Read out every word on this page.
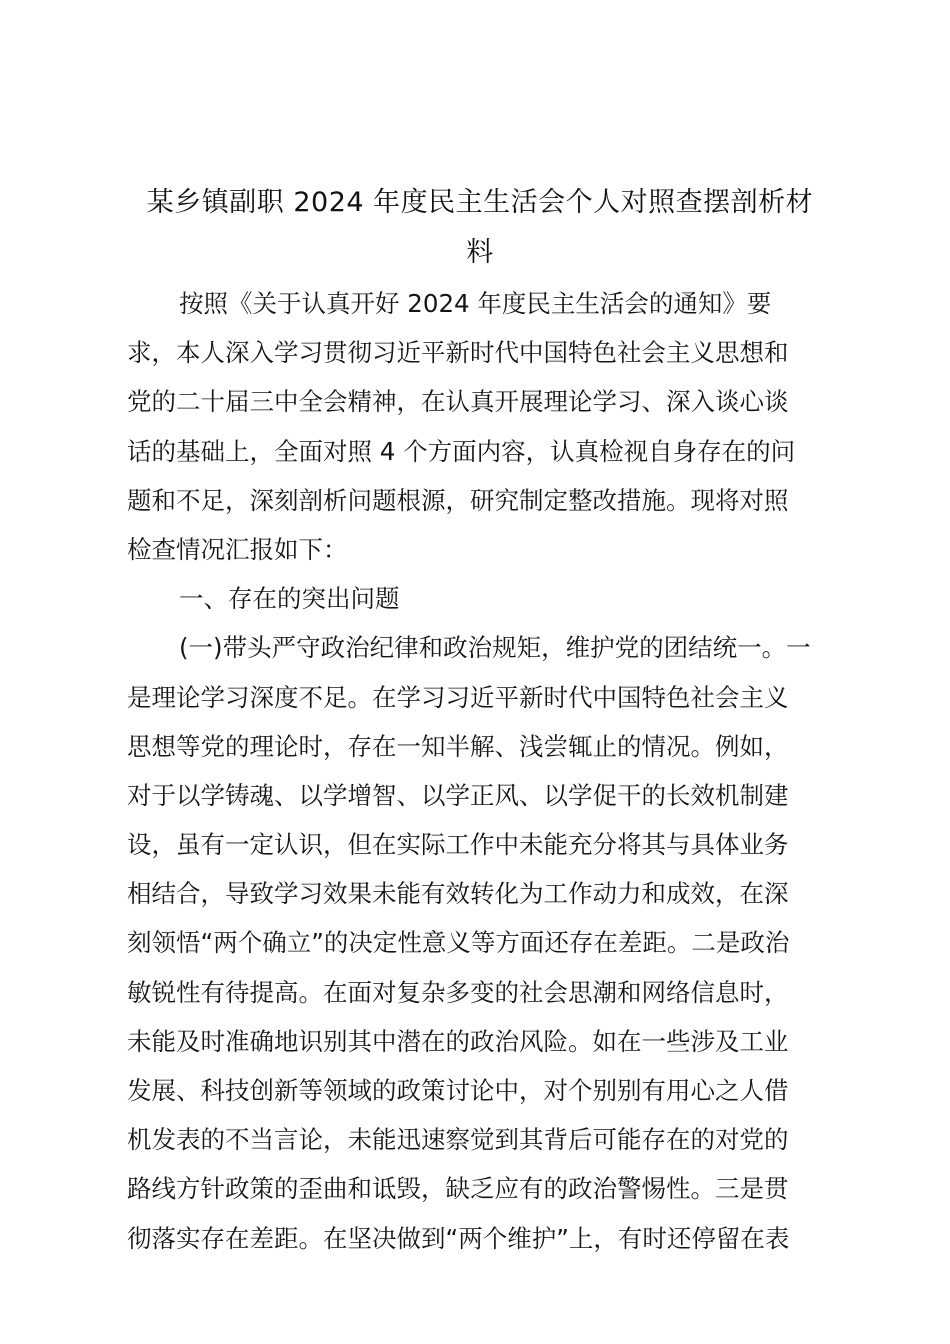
某乡镇副职 2024 年度民主生活会个人对照查摆剖析材
料
按照《关于认真开好 2024 年度民主生活会的通知》要
求，本人深入学习贯彻习近平新时代中国特色社会主义思想和
党的二十届三中全会精神，在认真开展理论学习、深入谈心谈
话的基础上，全面对照 4 个方面内容，认真检视自身存在的问
题和不足，深刻剖析问题根源，研究制定整改措施。现将对照
检查情况汇报如下：
一、存在的突出问题
(一)带头严守政治纪律和政治规矩，维护党的团结统一。一
是理论学习深度不足。在学习习近平新时代中国特色社会主义
思想等党的理论时，存在一知半解、浅尝辄止的情况。例如，
对于以学铸魂、以学增智、以学正风、以学促干的长效机制建
设，虽有一定认识，但在实际工作中未能充分将其与具体业务
相结合，导致学习效果未能有效转化为工作动力和成效，在深
刻领悟“两个确立”的决定性意义等方面还存在差距。二是政治
敏锐性有待提高。在面对复杂多变的社会思潮和网络信息时，
未能及时准确地识别其中潜在的政治风险。如在一些涉及工业
发展、科技创新等领域的政策讨论中，对个别别有用心之人借
机发表的不当言论，未能迅速察觉到其背后可能存在的对党的
路线方针政策的歪曲和诋毁，缺乏应有的政治警惕性。三是贯
彻落实存在差距。在坚决做到“两个维护”上，有时还停留在表
